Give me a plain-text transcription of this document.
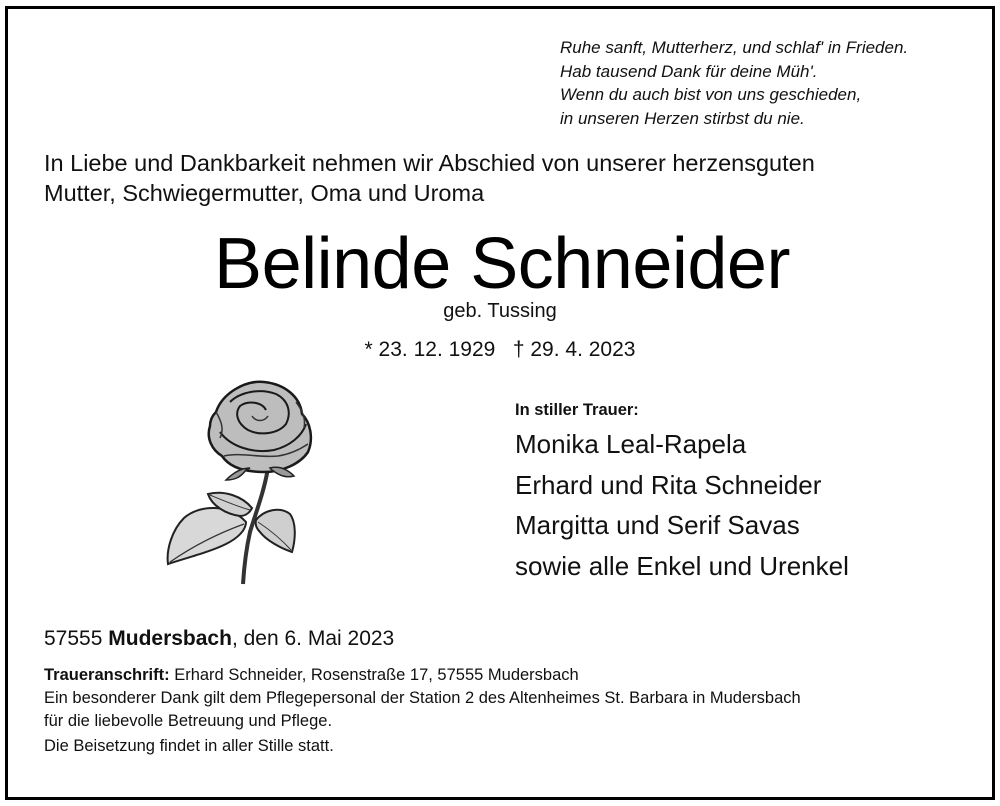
Ruhe sanft, Mutterherz, und schlaf' in Frieden.
Hab tausend Dank für deine Müh'.
Wenn du auch bist von uns geschieden,
in unseren Herzen stirbst du nie.
In Liebe und Dankbarkeit nehmen wir Abschied von unserer herzensguten
Mutter, Schwiegermutter, Oma und Uroma
Belinde Schneider
geb. Tussing
* 23. 12. 1929 † 29. 4. 2023
In stiller Trauer:
Monika Leal-Rapela
Erhard und Rita Schneider
Margitta und Serif Savas
sowie alle Enkel und Urenkel
57555 Mudersbach, den 6. Mai 2023
Traueranschrift: Erhard Schneider, Rosenstraße 17, 57555 Mudersbach
Ein besonderer Dank gilt dem Pflegepersonal der Station 2 des Altenheimes St. Barbara in Mudersbach
für die liebevolle Betreuung und Pflege.
Die Beisetzung findet in aller Stille statt.
